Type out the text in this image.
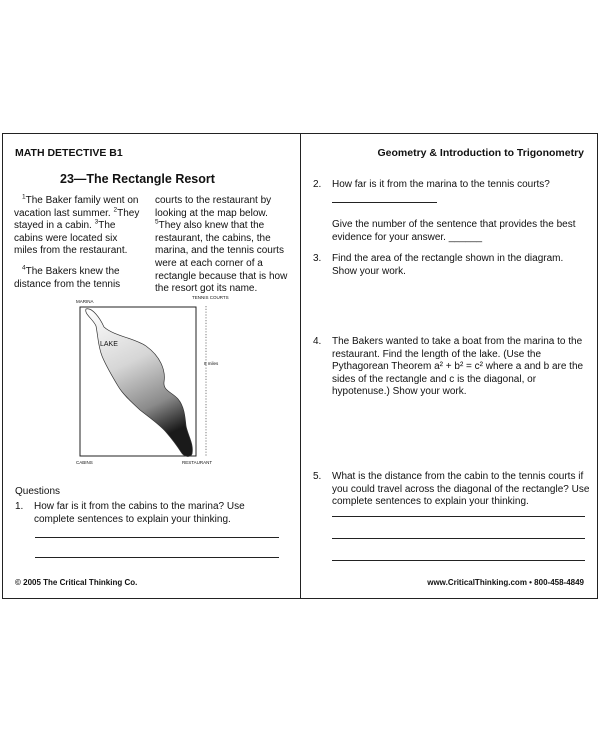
MATH DETECTIVE B1	Geometry & Introduction to Trigonometry
23—The Rectangle Resort

$^1$The Baker family went on vacation last summer. $^2$They stayed in a cabin. $^3$The cabins were located six miles from the restaurant.

$^4$The Bakers knew the distance from the tennis

courts to the restaurant by looking at the map below. $^5$They also knew that the restaurant, the cabins, the marina, and the tennis courts were at each corner of a rectangle because that is how the resort got its name.

MARINA
TENNIS COURTS
LAKE
8 miles
CABINS	RESTAURANT
Questions
1. How far is it from the cabins to the marina? Use complete sentences to explain your thinking.
2. How far is it from the marina to the tennis courts?
Give the number of the sentence that provides the best evidence for your answer. ______
3. Find the area of the rectangle shown in the diagram. Show your work.
4. The Bakers wanted to take a boat from the marina to the restaurant. Find the length of the lake. (Use the Pythagorean Theorem a² + b² = c² where a and b are the sides of the rectangle and c is the diagonal, or hypotenuse.) Show your work.
5. What is the distance from the cabin to the tennis courts if you could travel across the diagonal of the rectangle? Use complete sentences to explain your thinking.
© 2005 The Critical Thinking Co.	www.CriticalThinking.com • 800-458-4849
